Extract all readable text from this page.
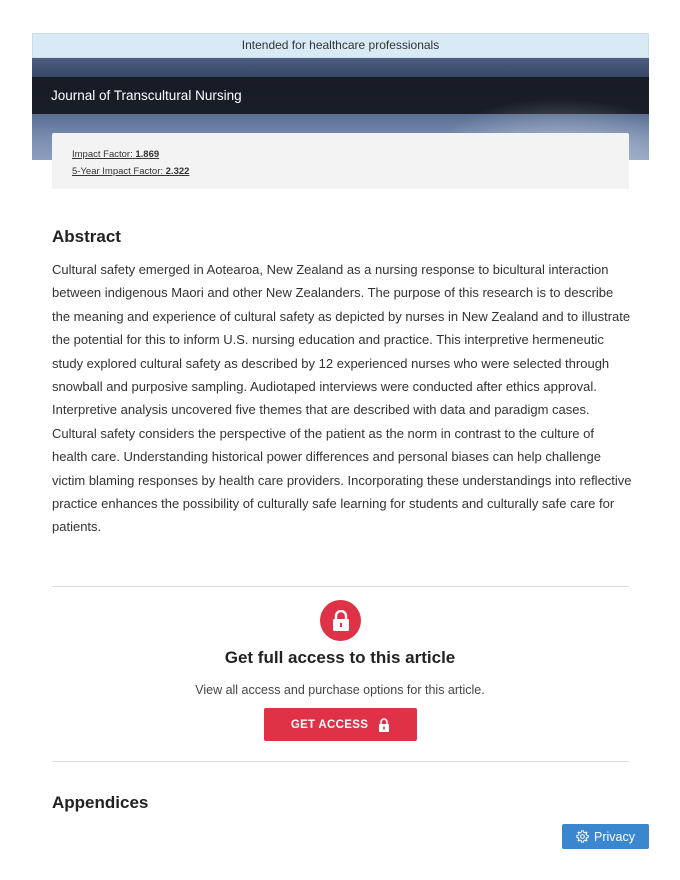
Intended for healthcare professionals
Journal of Transcultural Nursing
Impact Factor: 1.869
5-Year Impact Factor: 2.322
Abstract

Cultural safety emerged in Aotearoa, New Zealand as a nursing response to bicultural interaction between indigenous Maori and other New Zealanders. The purpose of this research is to describe the meaning and experience of cultural safety as depicted by nurses in New Zealand and to illustrate the potential for this to inform U.S. nursing education and practice. This interpretive hermeneutic study explored cultural safety as described by 12 experienced nurses who were selected through snowball and purposive sampling. Audiotaped interviews were conducted after ethics approval. Interpretive analysis uncovered five themes that are described with data and paradigm cases. Cultural safety considers the perspective of the patient as the norm in contrast to the culture of health care. Understanding historical power differences and personal biases can help challenge victim blaming responses by health care providers. Incorporating these understandings into reflective practice enhances the possibility of culturally safe learning for students and culturally safe care for patients.

Get full access to this article

View all access and purchase options for this article.

GET ACCESS
Appendices
Privacy
